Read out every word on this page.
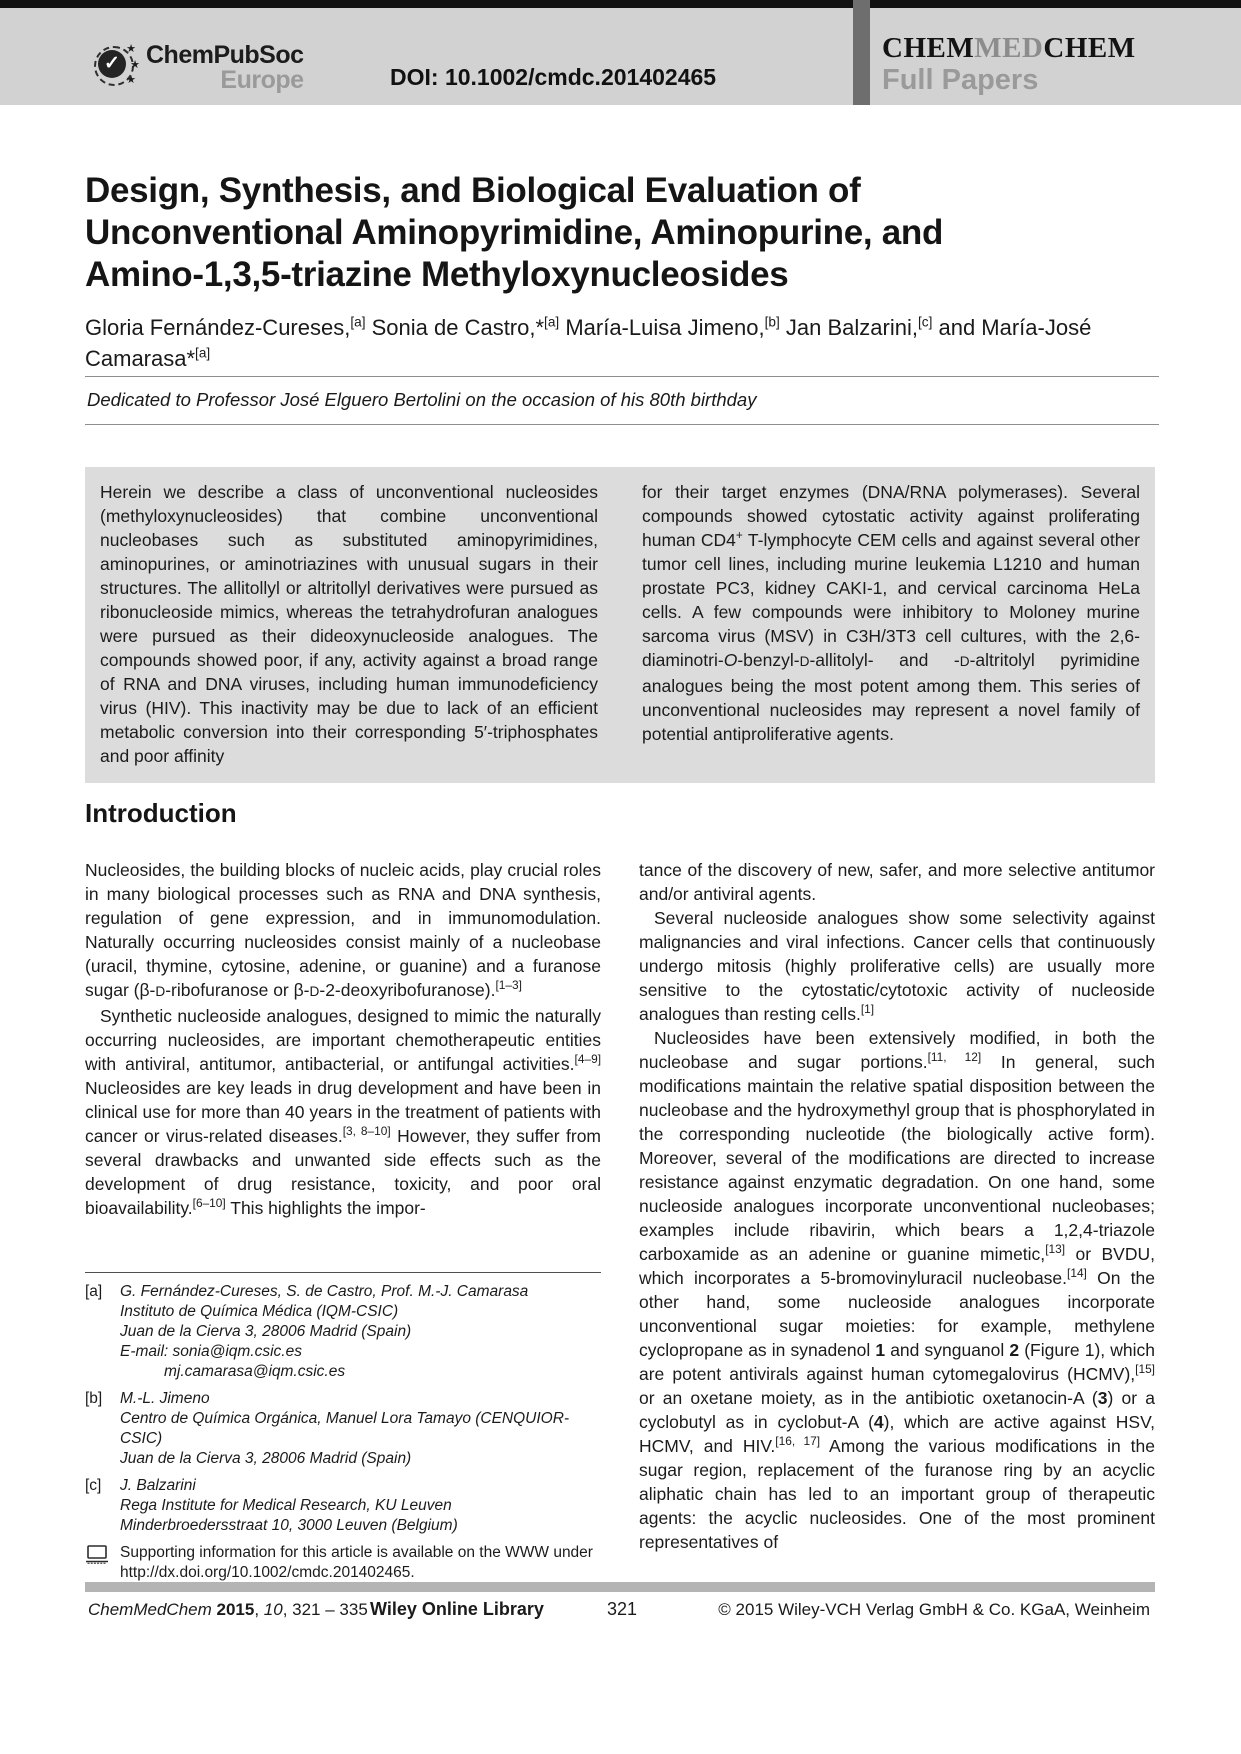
✓
★
★
★
ChemPubSoc
Europe	DOI: 10.1002/cmdc.201402465
CHEMMEDCHEM
Full Papers
Design, Synthesis, and Biological Evaluation of
Unconventional Aminopyrimidine, Aminopurine, and
Amino-1,3,5-triazine Methyloxynucleosides
Gloria Fernández-Cureses,[a] Sonia de Castro,*[a] María-Luisa Jimeno,[b] Jan Balzarini,[c] and María-José Camarasa*[a]
Dedicated to Professor José Elguero Bertolini on the occasion of his 80th birthday
Herein we describe a class of unconventional nucleosides (methyloxynucleosides) that combine unconventional nucleobases such as substituted aminopyrimidines, aminopurines, or aminotriazines with unusual sugars in their structures. The allitollyl or altritollyl derivatives were pursued as ribonucleoside mimics, whereas the tetrahydrofuran analogues were pursued as their dideoxynucleoside analogues. The compounds showed poor, if any, activity against a broad range of RNA and DNA viruses, including human immunodeficiency virus (HIV). This inactivity may be due to lack of an efficient metabolic conversion into their corresponding 5′-triphosphates and poor affinity
for their target enzymes (DNA/RNA polymerases). Several compounds showed cytostatic activity against proliferating human CD4+ T-lymphocyte CEM cells and against several other tumor cell lines, including murine leukemia L1210 and human prostate PC3, kidney CAKI-1, and cervical carcinoma HeLa cells. A few compounds were inhibitory to Moloney murine sarcoma virus (MSV) in C3H/3T3 cell cultures, with the 2,6-diaminotri-O-benzyl-D-allitolyl- and -D-altritolyl pyrimidine analogues being the most potent among them. This series of unconventional nucleosides may represent a novel family of potential antiproliferative agents.
Introduction

Nucleosides, the building blocks of nucleic acids, play crucial roles in many biological processes such as RNA and DNA synthesis, regulation of gene expression, and in immunomodulation. Naturally occurring nucleosides consist mainly of a nucleobase (uracil, thymine, cytosine, adenine, or guanine) and a furanose sugar (β-D-ribofuranose or β-D-2-deoxyribofuranose).[1–3]

Synthetic nucleoside analogues, designed to mimic the naturally occurring nucleosides, are important chemotherapeutic entities with antiviral, antitumor, antibacterial, or antifungal activities.[4–9] Nucleosides are key leads in drug development and have been in clinical use for more than 40 years in the treatment of patients with cancer or virus-related diseases.[3, 8–10] However, they suffer from several drawbacks and unwanted side effects such as the development of drug resistance, toxicity, and poor oral bioavailability.[6–10] This highlights the impor-

tance of the discovery of new, safer, and more selective antitumor and/or antiviral agents.

Several nucleoside analogues show some selectivity against malignancies and viral infections. Cancer cells that continuously undergo mitosis (highly proliferative cells) are usually more sensitive to the cytostatic/cytotoxic activity of nucleoside analogues than resting cells.[1]

Nucleosides have been extensively modified, in both the nucleobase and sugar portions.[11, 12] In general, such modifications maintain the relative spatial disposition between the nucleobase and the hydroxymethyl group that is phosphorylated in the corresponding nucleotide (the biologically active form). Moreover, several of the modifications are directed to increase resistance against enzymatic degradation. On one hand, some nucleoside analogues incorporate unconventional nucleobases; examples include ribavirin, which bears a 1,2,4-triazole carboxamide as an adenine or guanine mimetic,[13] or BVDU, which incorporates a 5-bromovinyluracil nucleobase.[14] On the other hand, some nucleoside analogues incorporate unconventional sugar moieties: for example, methylene cyclopropane as in synadenol 1 and synguanol 2 (Figure 1), which are potent antivirals against human cytomegalovirus (HCMV),[15] or an oxetane moiety, as in the antibiotic oxetanocin-A (3) or a cyclobutyl as in cyclobut-A (4), which are active against HSV, HCMV, and HIV.[16, 17] Among the various modifications in the sugar region, replacement of the furanose ring by an acyclic aliphatic chain has led to an important group of therapeutic agents: the acyclic nucleosides. One of the most prominent representatives of

[a]	G. Fernández-Cureses, S. de Castro, Prof. M.-J. Camarasa
Instituto de Química Médica (IQM-CSIC)
Juan de la Cierva 3, 28006 Madrid (Spain)
E-mail: sonia@iqm.csic.es
mj.camarasa@iqm.csic.es
[b]	M.-L. Jimeno
Centro de Química Orgánica, Manuel Lora Tamayo (CENQUIOR-CSIC)
Juan de la Cierva 3, 28006 Madrid (Spain)
[c]	J. Balzarini
Rega Institute for Medical Research, KU Leuven
Minderbroedersstraat 10, 3000 Leuven (Belgium)
Supporting information for this article is available on the WWW under
http://dx.doi.org/10.1002/cmdc.201402465.
ChemMedChem 2015, 10, 321 – 335 Wiley Online Library	321	© 2015 Wiley-VCH Verlag GmbH & Co. KGaA, Weinheim
